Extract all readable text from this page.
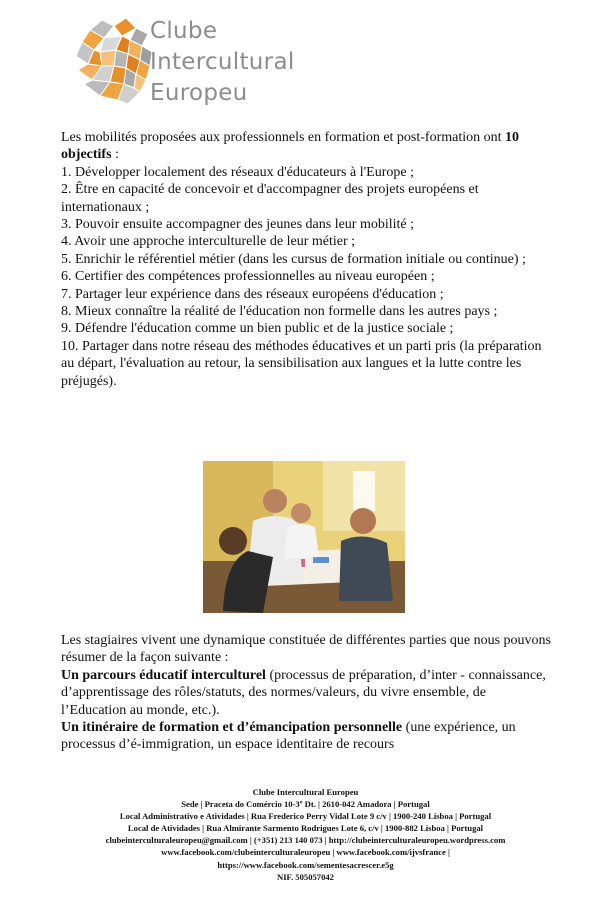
Clube
Intercultural
Europeu

Les mobilités proposées aux professionnels en formation et post-formation ont 10 objectifs :

1. Développer localement des réseaux d'éducateurs à l'Europe ;
2. Être en capacité de concevoir et d'accompagner des projets européens et internationaux ;
3. Pouvoir ensuite accompagner des jeunes dans leur mobilité ;
4. Avoir une approche interculturelle de leur métier ;
5. Enrichir le référentiel métier (dans les cursus de formation initiale ou continue) ;
6. Certifier des compétences professionnelles au niveau européen ;
7. Partager leur expérience dans des réseaux européens d'éducation ;
8. Mieux connaître la réalité de l'éducation non formelle dans les autres pays ;
9. Défendre l'éducation comme un bien public et de la justice sociale ;
10. Partager dans notre réseau des méthodes éducatives et un parti pris (la préparation au départ, l'évaluation au retour, la sensibilisation aux langues et la lutte contre les préjugés).

Les stagiaires vivent une dynamique constituée de différentes parties que nous pouvons résumer de la façon suivante :

Un parcours éducatif interculturel (processus de préparation, d’inter - connaissance, d’apprentissage des rôles/statuts, des normes/valeurs, du vivre ensemble, de l’Education au monde, etc.).

Un itinéraire de formation et d’émancipation personnelle (une expérience, un processus d’é-immigration, un espace identitaire de recours

Clube Intercultural Europeu
Sede | Praceta do Comércio 10-3º Dt. | 2610-042 Amadora | Portugal
Local Administrativo e Atividades | Rua Frederico Perry Vidal Lote 9 c/v | 1900-240 Lisboa | Portugal
Local de Atividades | Rua Almirante Sarmento Rodrigues Lote 6, c/v | 1900-882 Lisboa | Portugal
clubeinterculturaleuropeu@gmail.com | (+351) 213 140 073 | http://clubeinterculturaleuropeu.wordpress.com
www.facebook.com/clubeinterculturaleuropeu | www.facebook.com/ijvsfrance |
https://www.facebook.com/sementesacrescer.e5g
NIF. 505057042
